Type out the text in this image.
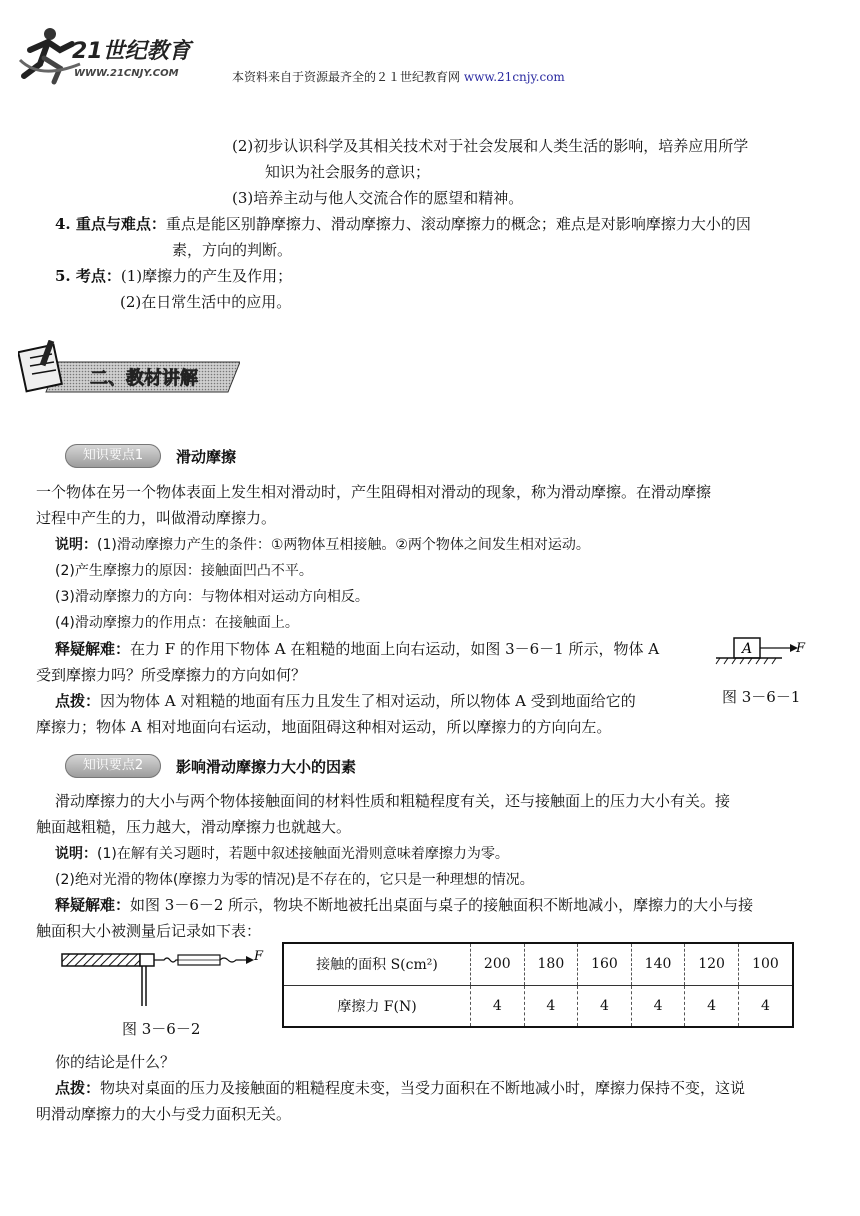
21世纪教育
WWW.21CNJY.COM	本资料来自于资源最齐全的２１世纪教育网 www.21cnjy.com
(2)初步认识科学及其相关技术对于社会发展和人类生活的影响，培养应用所学
知识为社会服务的意识；
(3)培养主动与他人交流合作的愿望和精神。
4. 重点与难点：重点是能区别静摩擦力、滑动摩擦力、滚动摩擦力的概念；难点是对影响摩擦力大小的因
素，方向的判断。
5. 考点：(1)摩擦力的产生及作用；
(2)在日常生活中的应用。
二、教材讲解
知识要点1	滑动摩擦
一个物体在另一个物体表面上发生相对滑动时，产生阻碍相对滑动的现象，称为滑动摩擦。在滑动摩擦
过程中产生的力，叫做滑动摩擦力。
说明：(1)滑动摩擦力产生的条件：①两物体互相接触。②两个物体之间发生相对运动。
(2)产生摩擦力的原因：接触面凹凸不平。
(3)滑动摩擦力的方向：与物体相对运动方向相反。
(4)滑动摩擦力的作用点：在接触面上。
释疑解难：在力 F 的作用下物体 A 在粗糙的地面上向右运动，如图 3－6－1 所示，物体 A
受到摩擦力吗？所受摩擦力的方向如何？
点拨：因为物体 A 对粗糙的地面有压力且发生了相对运动，所以物体 A 受到地面给它的
摩擦力；物体 A 相对地面向右运动，地面阻碍这种相对运动，所以摩擦力的方向向左。
A	F
图 3－6－1
知识要点2	影响滑动摩擦力大小的因素
滑动摩擦力的大小与两个物体接触面间的材料性质和粗糙程度有关，还与接触面上的压力大小有关。接
触面越粗糙，压力越大，滑动摩擦力也就越大。
说明：(1)在解有关习题时，若题中叙述接触面光滑则意味着摩擦力为零。
(2)绝对光滑的物体(摩擦力为零的情况)是不存在的，它只是一种理想的情况。
释疑解难：如图 3－6－2 所示，物块不断地被托出桌面与桌子的接触面积不断地减小，摩擦力的大小与接
触面积大小被测量后记录如下表：
F
图 3－6－2
接触的面积 S(cm²)	200	180	160	140	120	100
摩擦力 F(N)	4	4	4	4	4	4
你的结论是什么？
点拨：物块对桌面的压力及接触面的粗糙程度未变，当受力面积在不断地减小时，摩擦力保持不变，这说
明滑动摩擦力的大小与受力面积无关。
